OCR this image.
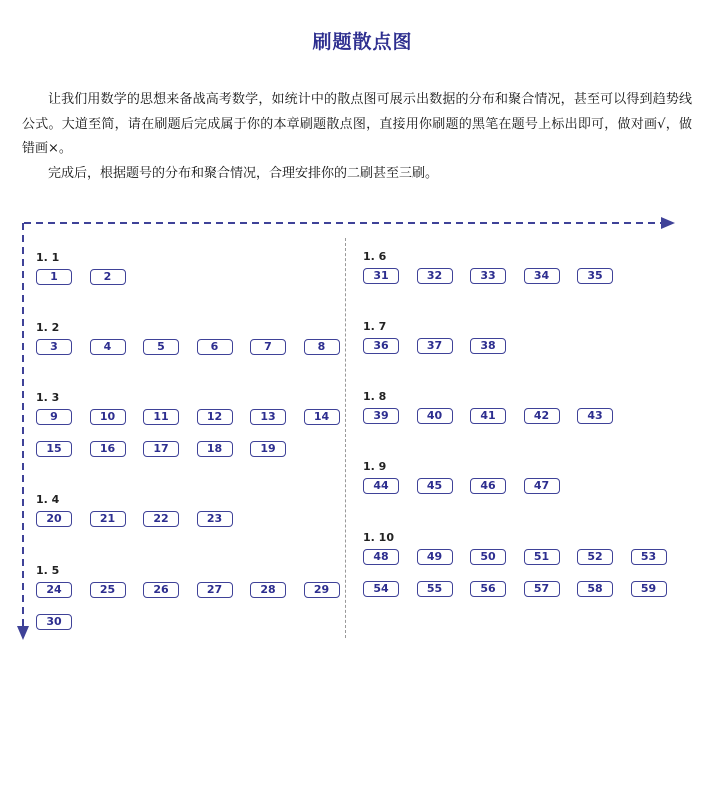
刷题散点图

让我们用数学的思想来备战高考数学，如统计中的散点图可展示出数据的分布和聚合情况，甚至可以得到趋势线公式。大道至简，请在刷题后完成属于你的本章刷题散点图，直接用你刷题的黑笔在题号上标出即可，做对画√，做错画×。

完成后，根据题号的分布和聚合情况，合理安排你的二刷甚至三刷。

1. 1
1	2
1. 2
3	4	5	6	7	8
1. 3
9	10	11	12	13	14
15	16	17	18	19
1. 4
20	21	22	23
1. 5
24	25	26	27	28	29
30
1. 6
31	32	33	34	35
1. 7
36	37	38
1. 8
39	40	41	42	43
1. 9
44	45	46	47
1. 10
48	49	50	51	52	53
54	55	56	57	58	59
